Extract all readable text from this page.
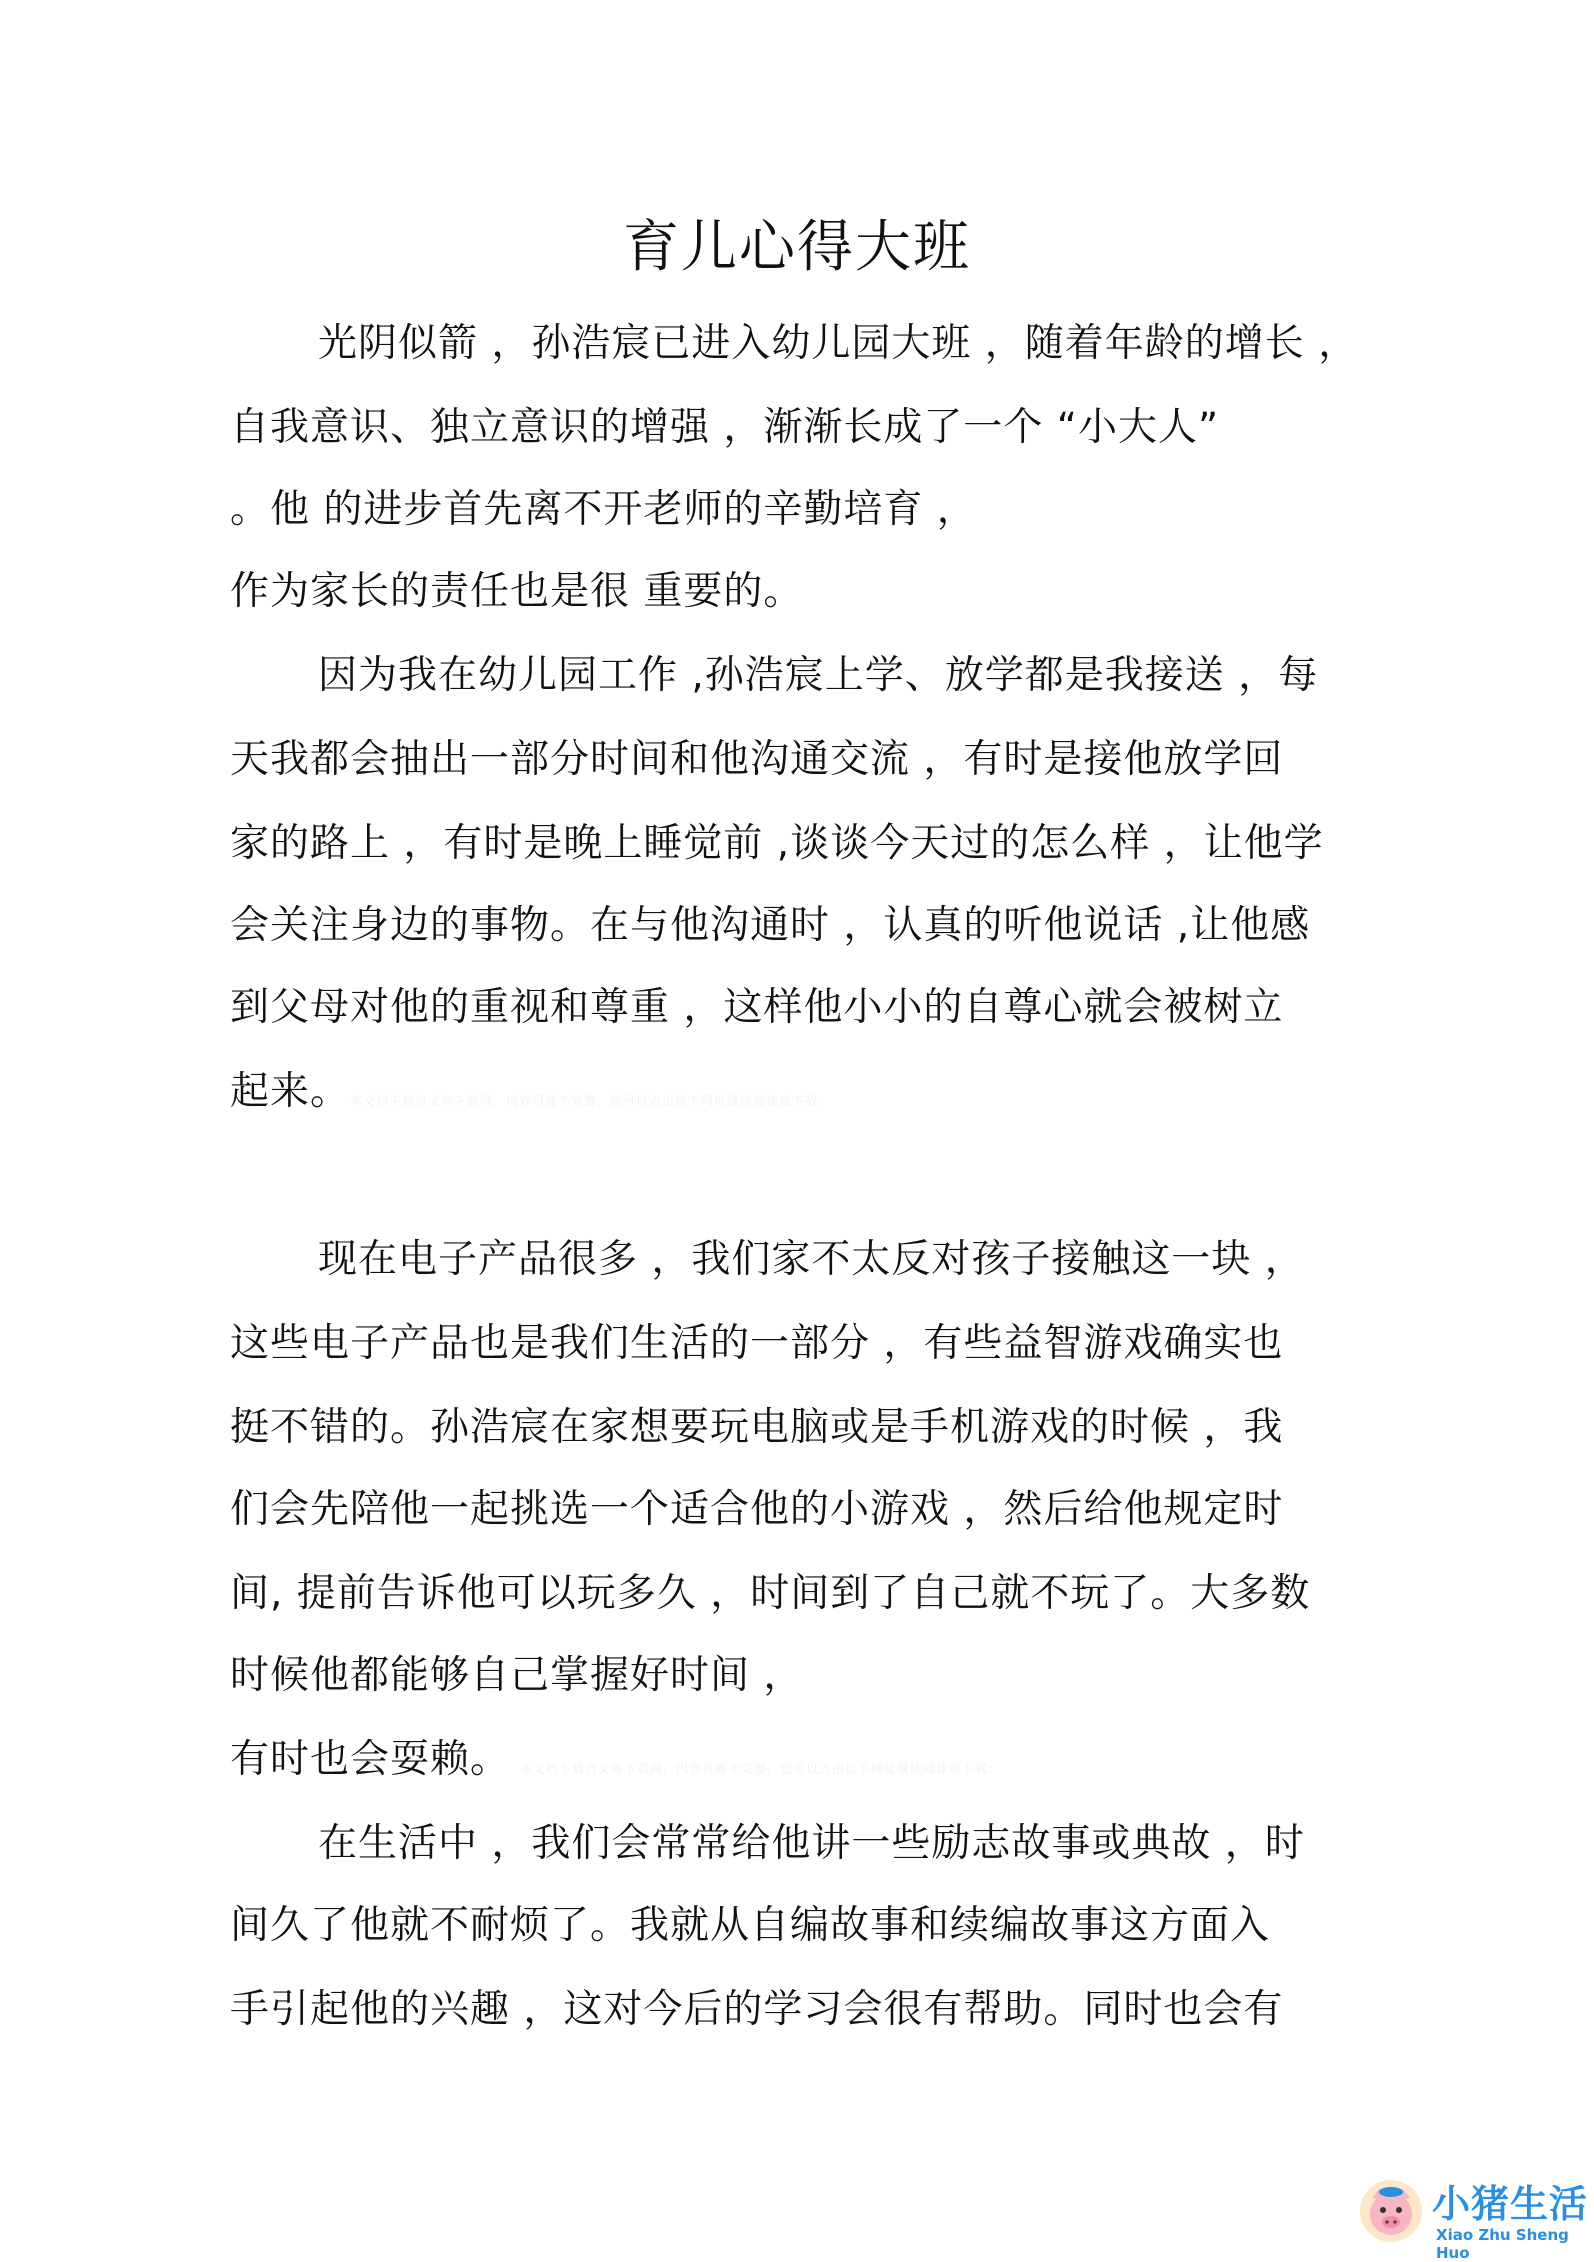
育儿心得大班
光阴似箭 ，孙浩宸已进入幼儿园大班 ，随着年龄的增长 ，
自我意识、独立意识的增强 ，渐渐长成了一个 “小大人”
。他 的进步首先离不开老师的辛勤培育 ，
作为家长的责任也是很 重要的。
因为我在幼儿园工作 ,孙浩宸上学、放学都是我接送 ，每
天我都会抽出一部分时间和他沟通交流 ，有时是接他放学回
家的路上 ，有时是晚上睡觉前 ,谈谈今天过的怎么样 ，让他学
会关注身边的事物。在与他沟通时 ，认真的听他说话 ,让他感
到父母对他的重视和尊重 ，这样他小小的自尊心就会被树立
起来。
现在电子产品很多 ，我们家不太反对孩子接触这一块 ，
这些电子产品也是我们生活的一部分 ，有些益智游戏确实也
挺不错的。孙浩宸在家想要玩电脑或是手机游戏的时候 ，我
们会先陪他一起挑选一个适合他的小游戏 ，然后给他规定时
间, 提前告诉他可以玩多久 ，时间到了自己就不玩了。大多数
时候他都能够自己掌握好时间 ，
有时也会耍赖。
在生活中 ，我们会常常给他讲一些励志故事或典故 ，时
间久了他就不耐烦了。我就从自编故事和续编故事这方面入
手引起他的兴趣 ，这对今后的学习会很有帮助。同时也会有
本文档下载自文库下载网，内容可能不完整，您可以点击以下网址继续阅读或下载：
本文档下载自文库下载网，内容可能不完整，您可以点击以下网址继续阅读或下载：
小猪生活
Xiao Zhu Sheng Huo
